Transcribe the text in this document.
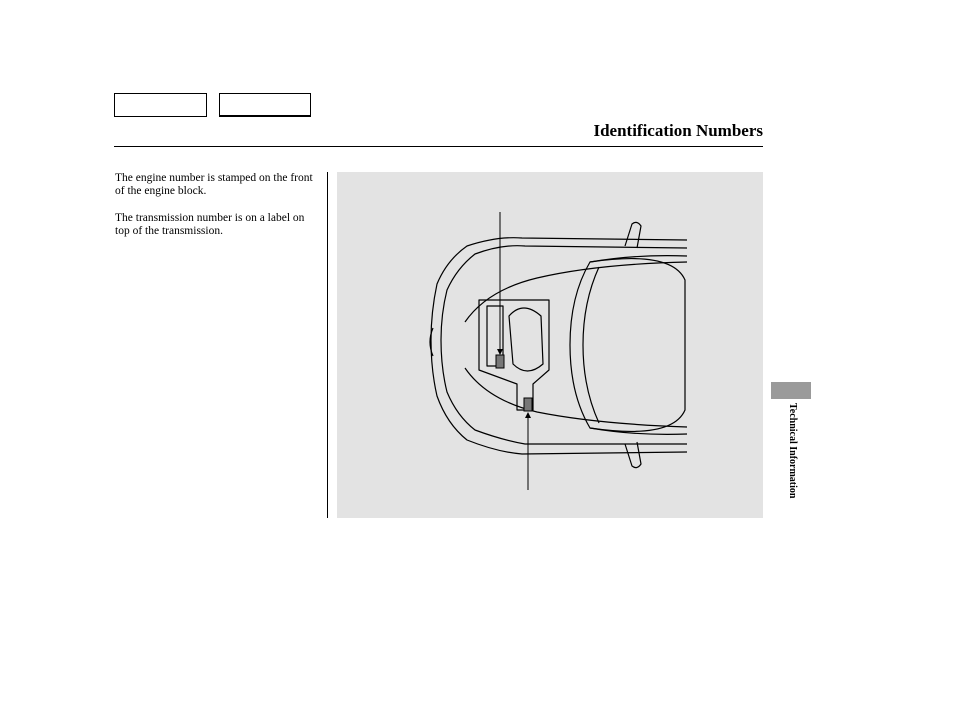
Identification Numbers

The engine number is stamped on the front of the engine block.

The transmission number is on a label on top of the transmission.

Technical Information
